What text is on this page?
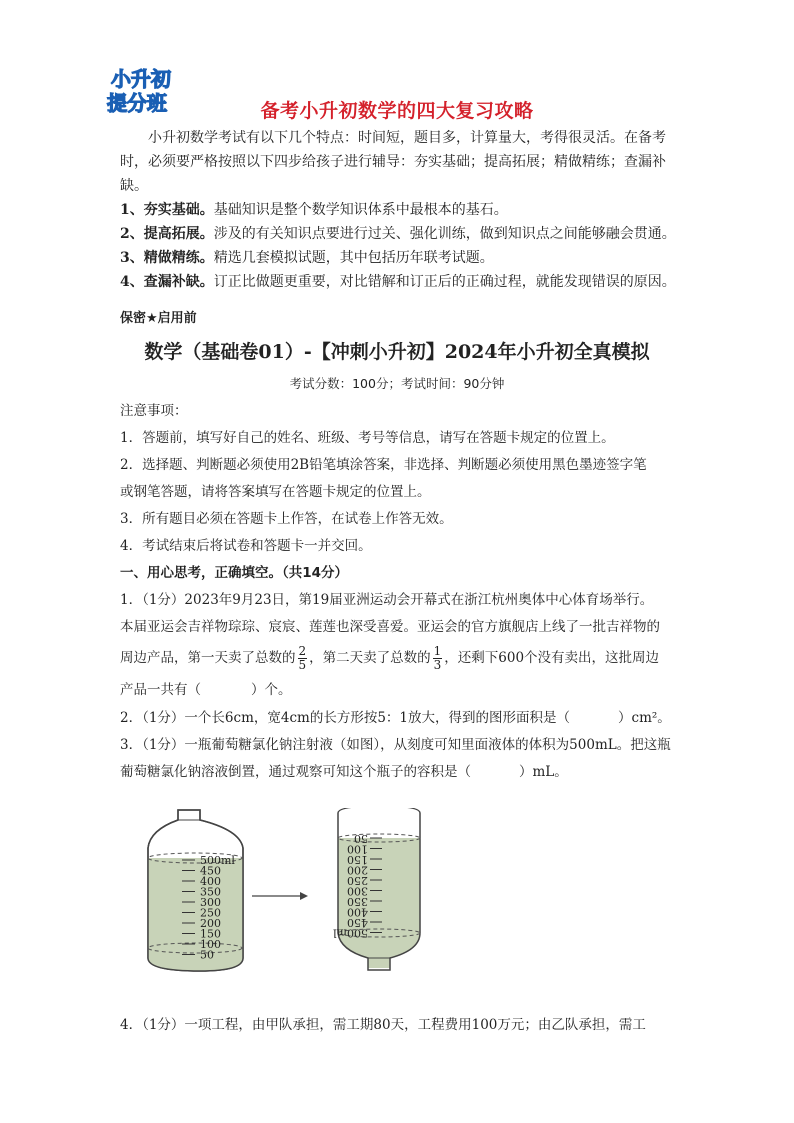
小升初
提分班	备考小升初数学的四大复习攻略

小升初数学考试有以下几个特点：时间短，题目多，计算量大，考得很灵活。在备考时，必须要严格按照以下四步给孩子进行辅导：夯实基础；提高拓展；精做精练；查漏补缺。

1、夯实基础。基础知识是整个数学知识体系中最根本的基石。

2、提高拓展。涉及的有关知识点要进行过关、强化训练，做到知识点之间能够融会贯通。

3、精做精练。精选几套模拟试题，其中包括历年联考试题。

4、查漏补缺。订正比做题更重要，对比错解和订正后的正确过程，就能发现错误的原因。

保密★启用前
数学（基础卷01）-【冲刺小升初】2024年小升初全真模拟
考试分数：100分；考试时间：90分钟

注意事项：

1．答题前，填写好自己的姓名、班级、考号等信息，请写在答题卡规定的位置上。

2．选择题、判断题必须使用2B铅笔填涂答案，非选择、判断题必须使用黑色墨迹签字笔

或钢笔答题，请将答案填写在答题卡规定的位置上。

3．所有题目必须在答题卡上作答，在试卷上作答无效。

4．考试结束后将试卷和答题卡一并交回。

一、用心思考，正确填空。（共14分）

1．（1分）2023年9月23日，第19届亚洲运动会开幕式在浙江杭州奥体中心体育场举行。

本届亚运会吉祥物琮琮、宸宸、莲莲也深受喜爱。亚运会的官方旗舰店上线了一批吉祥物的

周边产品，第一天卖了总数的 $\frac{2}{5}$ ，第二天卖了总数的 $\frac{1}{3}$ ，还剩下600个没有卖出，这批周边

产品一共有（	）个。

2．（1分）一个长6cm，宽4cm的长方形按5：1放大，得到的图形面积是（	）cm²。

3．（1分）一瓶葡萄糖氯化钠注射液（如图），从刻度可知里面液体的体积为500mL。把这瓶

葡萄糖氯化钠溶液倒置，通过观察可知这个瓶子的容积是（	）mL。

500ml
450
400
350
300
250
200
150
100
50
50
100
150
200
250
300
350
400
450
500ml
4．（1分）一项工程，由甲队承担，需工期80天，工程费用100万元；由乙队承担，需工
